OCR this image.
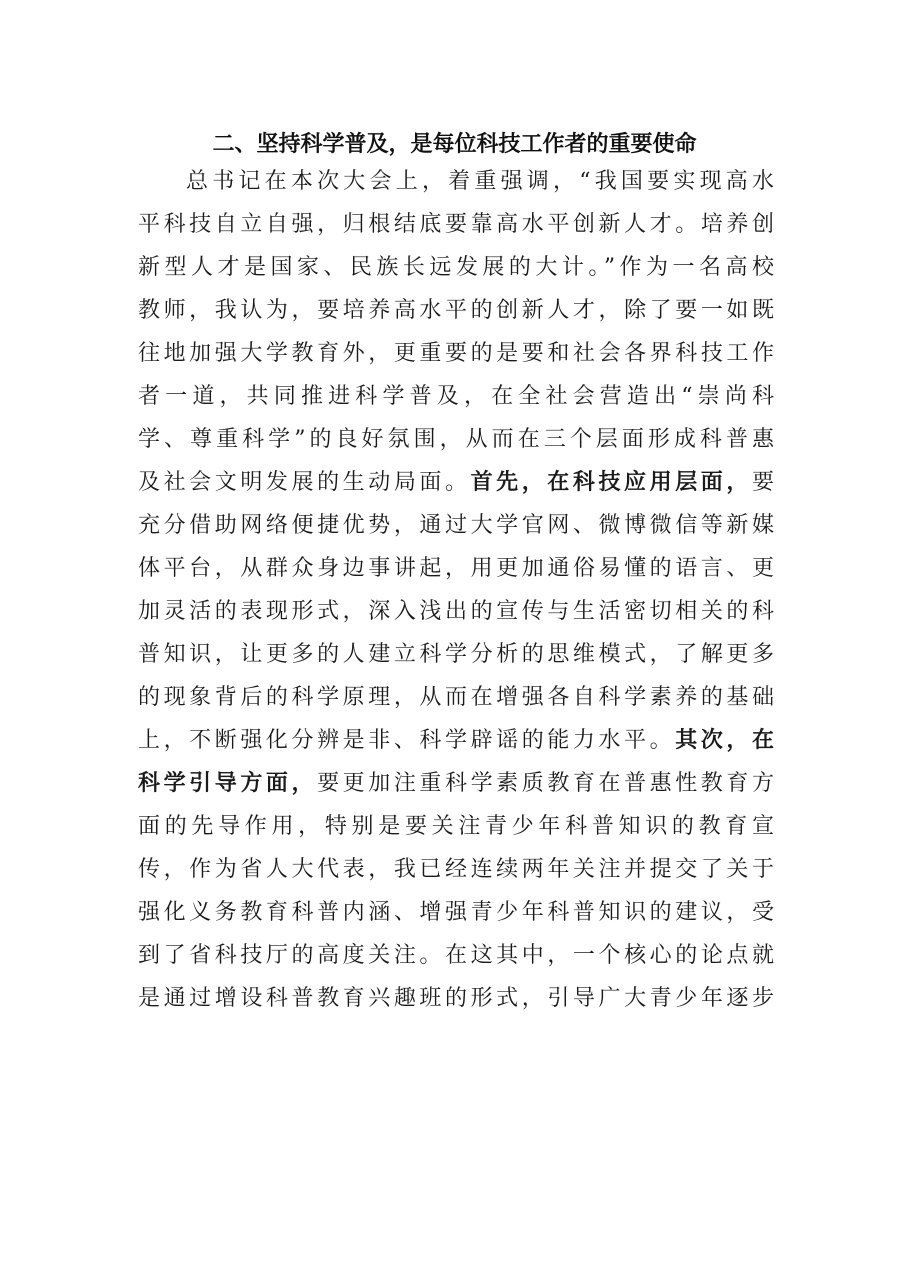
二、坚持科学普及，是每位科技工作者的重要使命
总书记在本次大会上，着重强调，“我国要实现高水
平科技自立自强，归根结底要靠高水平创新人才。培养创
新型人才是国家、民族长远发展的大计。”作为一名高校
教师，我认为，要培养高水平的创新人才，除了要一如既
往地加强大学教育外，更重要的是要和社会各界科技工作
者一道，共同推进科学普及，在全社会营造出“崇尚科
学、尊重科学”的良好氛围，从而在三个层面形成科普惠
及社会文明发展的生动局面。首先，在科技应用层面，要
充分借助网络便捷优势，通过大学官网、微博微信等新媒
体平台，从群众身边事讲起，用更加通俗易懂的语言、更
加灵活的表现形式，深入浅出的宣传与生活密切相关的科
普知识，让更多的人建立科学分析的思维模式，了解更多
的现象背后的科学原理，从而在增强各自科学素养的基础
上，不断强化分辨是非、科学辟谣的能力水平。其次，在
科学引导方面，要更加注重科学素质教育在普惠性教育方
面的先导作用，特别是要关注青少年科普知识的教育宣
传，作为省人大代表，我已经连续两年关注并提交了关于
强化义务教育科普内涵、增强青少年科普知识的建议，受
到了省科技厅的高度关注。在这其中，一个核心的论点就
是通过增设科普教育兴趣班的形式，引导广大青少年逐步
